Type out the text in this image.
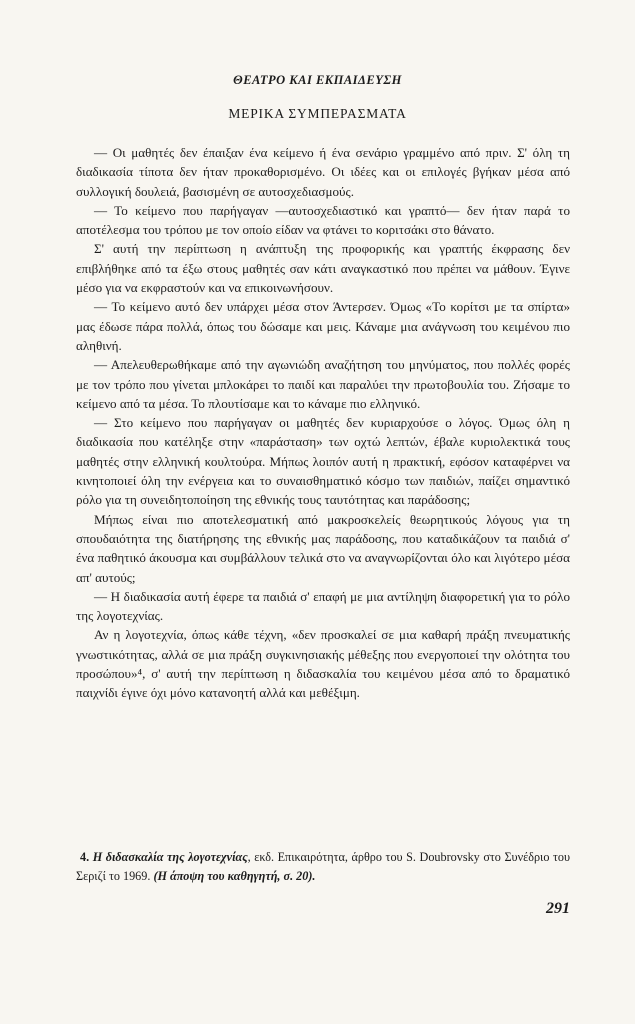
ΘΕΑΤΡΟ ΚΑΙ ΕΚΠΑΙΔΕΥΣΗ
ΜΕΡΙΚΑ ΣΥΜΠΕΡΑΣΜΑΤΑ

— Οι μαθητές δεν έπαιξαν ένα κείμενο ή ένα σενάριο γραμμένο από πριν. Σ' όλη τη διαδικασία τίποτα δεν ήταν προκαθορισμένο. Οι ιδέες και οι επιλογές βγήκαν μέσα από συλλογική δουλειά, βασισμένη σε αυτοσχεδιασμούς.

— Το κείμενο που παρήγαγαν —αυτοσχεδιαστικό και γραπτό— δεν ήταν παρά το αποτέλεσμα του τρόπου με τον οποίο είδαν να φτάνει το κοριτσάκι στο θάνατο.

Σ' αυτή την περίπτωση η ανάπτυξη της προφορικής και γραπτής έκφρασης δεν επιβλήθηκε από τα έξω στους μαθητές σαν κάτι αναγκαστικό που πρέπει να μάθουν. Έγινε μέσο για να εκφραστούν και να επικοινωνήσουν.

— Το κείμενο αυτό δεν υπάρχει μέσα στον Άντερσεν. Όμως «Το κορίτσι με τα σπίρτα» μας έδωσε πάρα πολλά, όπως του δώσαμε και μεις. Κάναμε μια ανάγνωση του κειμένου πιο αληθινή.

— Απελευθερωθήκαμε από την αγωνιώδη αναζήτηση του μηνύματος, που πολλές φορές με τον τρόπο που γίνεται μπλοκάρει το παιδί και παραλύει την πρωτοβουλία του. Ζήσαμε το κείμενο από τα μέσα. Το πλουτίσαμε και το κάναμε πιο ελληνικό.

— Στο κείμενο που παρήγαγαν οι μαθητές δεν κυριαρχούσε ο λόγος. Όμως όλη η διαδικασία που κατέληξε στην «παράσταση» των οχτώ λεπτών, έβαλε κυριολεκτικά τους μαθητές στην ελληνική κουλτούρα. Μήπως λοιπόν αυτή η πρακτική, εφόσον καταφέρνει να κινητοποιεί όλη την ενέργεια και το συναισθηματικό κόσμο των παιδιών, παίζει σημαντικό ρόλο για τη συνειδητοποίηση της εθνικής τους ταυτότητας και παράδοσης;

Μήπως είναι πιο αποτελεσματική από μακροσκελείς θεωρητικούς λόγους για τη σπουδαιότητα της διατήρησης της εθνικής μας παράδοσης, που καταδικάζουν τα παιδιά σ' ένα παθητικό άκουσμα και συμβάλλουν τελικά στο να αναγνωρίζονται όλο και λιγότερο μέσα απ' αυτούς;

— Η διαδικασία αυτή έφερε τα παιδιά σ' επαφή με μια αντίληψη διαφορετική για το ρόλο της λογοτεχνίας.

Αν η λογοτεχνία, όπως κάθε τέχνη, «δεν προσκαλεί σε μια καθαρή πράξη πνευματικής γνωστικότητας, αλλά σε μια πράξη συγκινησιακής μέθεξης που ενεργοποιεί την ολότητα του προσώπου»⁴, σ' αυτή την περίπτωση η διδασκαλία του κειμένου μέσα από το δραματικό παιχνίδι έγινε όχι μόνο κατανοητή αλλά και μεθέξιμη.

4. Η διδασκαλία της λογοτεχνίας, εκδ. Επικαιρότητα, άρθρο του S. Doubrovsky στο Συνέδριο του Σεριζί το 1969. (Η άποψη του καθηγητή, σ. 20).
291
